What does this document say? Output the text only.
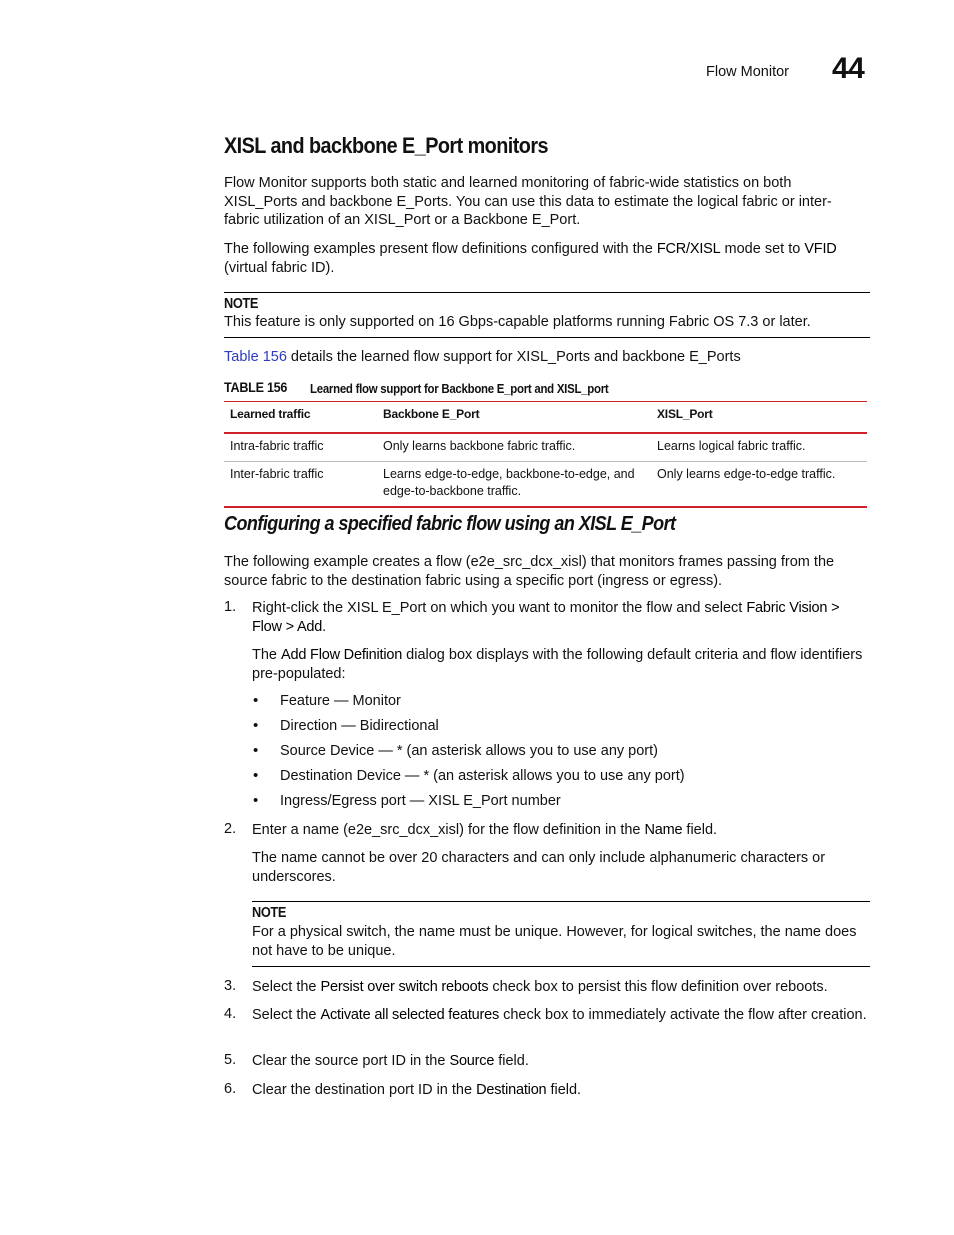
Flow Monitor 44
XISL and backbone E_Port monitors

Flow Monitor supports both static and learned monitoring of fabric-wide statistics on both XISL_Ports and backbone E_Ports. You can use this data to estimate the logical fabric or inter-fabric utilization of an XISL_Port or a Backbone E_Port.

The following examples present flow definitions configured with the FCR/XISL mode set to VFID (virtual fabric ID).

NOTE
This feature is only supported on 16 Gbps-capable platforms running Fabric OS 7.3 or later.

Table 156 details the learned flow support for XISL_Ports and backbone E_Ports

TABLE 156 Learned flow support for Backbone E_port and XISL_port
Learned traffic	Backbone E_Port	XISL_Port
Intra-fabric traffic	Only learns backbone fabric traffic.	Learns logical fabric traffic.
Inter-fabric traffic	Learns edge-to-edge, backbone-to-edge, and edge-to-backbone traffic.	Only learns edge-to-edge traffic.
Configuring a specified fabric flow using an XISL E_Port

The following example creates a flow (e2e_src_dcx_xisl) that monitors frames passing from the source fabric to the destination fabric using a specific port (ingress or egress).

1. Right-click the XISL E_Port on which you want to monitor the flow and select Fabric Vision > Flow > Add.

The Add Flow Definition dialog box displays with the following default criteria and flow identifiers pre-populated:

• Feature — Monitor
• Direction — Bidirectional
• Source Device — * (an asterisk allows you to use any port)
• Destination Device — * (an asterisk allows you to use any port)
• Ingress/Egress port — XISL E_Port number
2. Enter a name (e2e_src_dcx_xisl) for the flow definition in the Name field.

The name cannot be over 20 characters and can only include alphanumeric characters or underscores.

NOTE
For a physical switch, the name must be unique. However, for logical switches, the name does not have to be unique.
3. Select the Persist over switch reboots check box to persist this flow definition over reboots.

4. Select the Activate all selected features check box to immediately activate the flow after creation.

5. Clear the source port ID in the Source field.

6. Clear the destination port ID in the Destination field.
